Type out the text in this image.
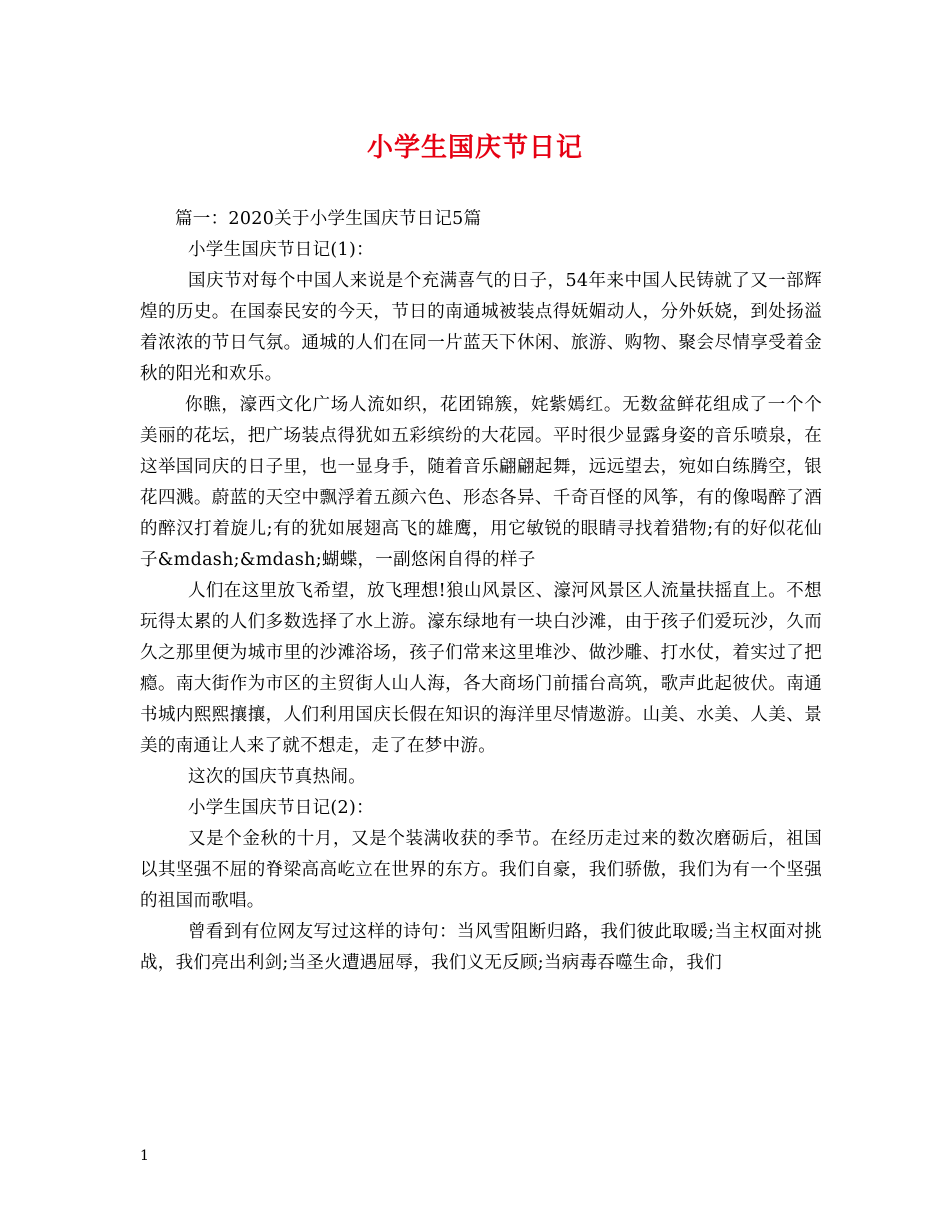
小学生国庆节日记

篇一：2020关于小学生国庆节日记5篇

小学生国庆节日记(1)：

国庆节对每个中国人来说是个充满喜气的日子，54年来中国人民铸就了又一部辉煌的历史。在国泰民安的今天，节日的南通城被装点得妩媚动人，分外妖娆，到处扬溢着浓浓的节日气氛。通城的人们在同一片蓝天下休闲、旅游、购物、聚会尽情享受着金秋的阳光和欢乐。

你瞧，濠西文化广场人流如织，花团锦簇，姹紫嫣红。无数盆鲜花组成了一个个美丽的花坛，把广场装点得犹如五彩缤纷的大花园。平时很少显露身姿的音乐喷泉，在这举国同庆的日子里，也一显身手，随着音乐翩翩起舞，远远望去，宛如白练腾空，银花四溅。蔚蓝的天空中飘浮着五颜六色、形态各异、千奇百怪的风筝，有的像喝醉了酒的醉汉打着旋儿;有的犹如展翅高飞的雄鹰，用它敏锐的眼睛寻找着猎物;有的好似花仙子&mdash;&mdash;蝴蝶，一副悠闲自得的样子

人们在这里放飞希望，放飞理想!狼山风景区、濠河风景区人流量扶摇直上。不想玩得太累的人们多数选择了水上游。濠东绿地有一块白沙滩，由于孩子们爱玩沙，久而久之那里便为城市里的沙滩浴场，孩子们常来这里堆沙、做沙雕、打水仗，着实过了把瘾。南大街作为市区的主贸街人山人海，各大商场门前擂台高筑，歌声此起彼伏。南通书城内熙熙攘攘，人们利用国庆长假在知识的海洋里尽情遨游。山美、水美、人美、景美的南通让人来了就不想走，走了在梦中游。

这次的国庆节真热闹。

小学生国庆节日记(2)：

又是个金秋的十月，又是个装满收获的季节。在经历走过来的数次磨砺后，祖国以其坚强不屈的脊梁高高屹立在世界的东方。我们自豪，我们骄傲，我们为有一个坚强的祖国而歌唱。

曾看到有位网友写过这样的诗句：当风雪阻断归路，我们彼此取暖;当主权面对挑战，我们亮出利剑;当圣火遭遇屈辱，我们义无反顾;当病毒吞噬生命，我们

1
